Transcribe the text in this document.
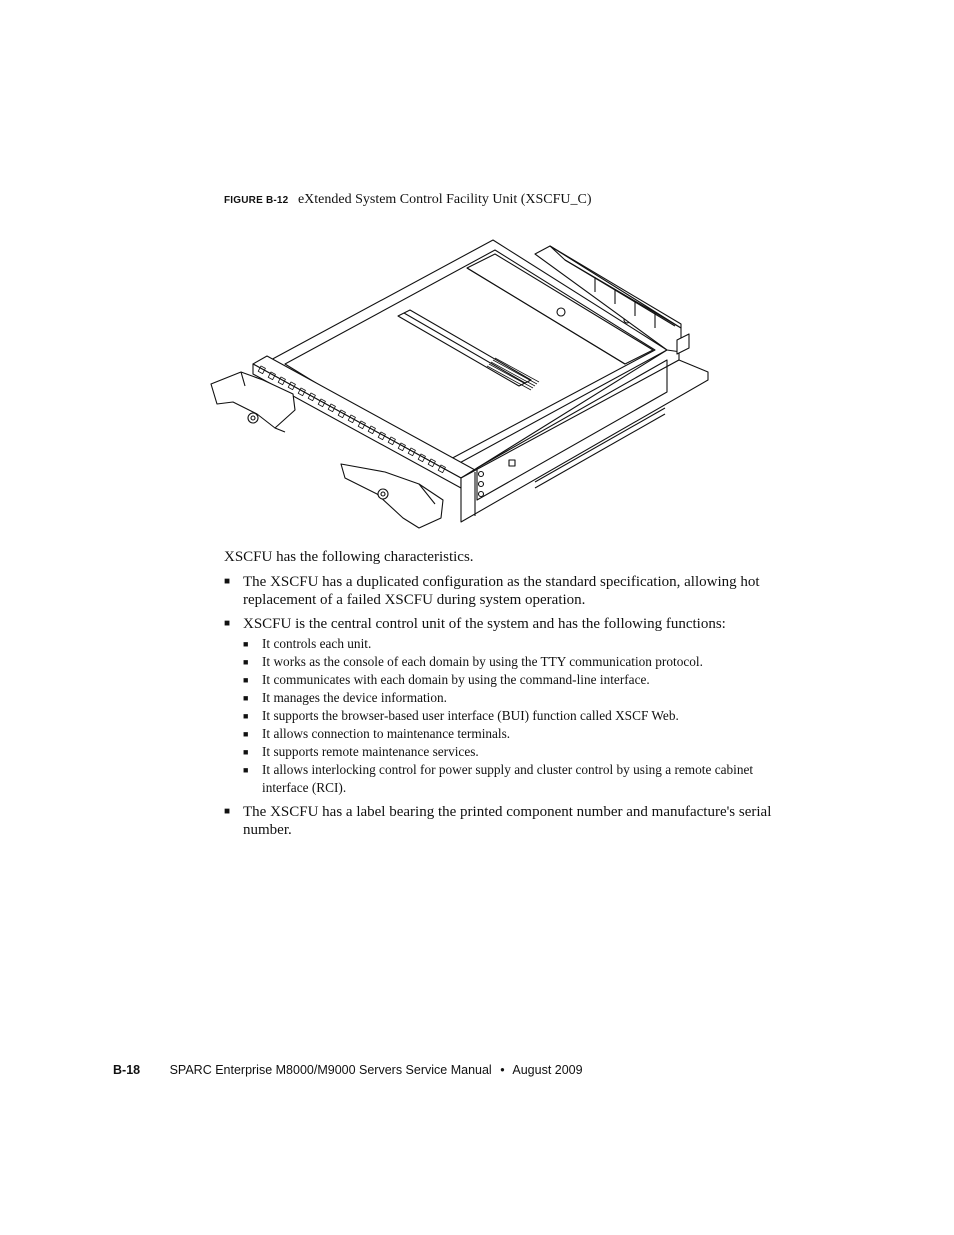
FIGURE B-12 eXtended System Control Facility Unit (XSCFU_C)
XSCFU has the following characteristics.
■ The XSCFU has a duplicated configuration as the standard specification, allowing hot replacement of a failed XSCFU during system operation.
■ XSCFU is the central control unit of the system and has the following functions:
■ It controls each unit.
■ It works as the console of each domain by using the TTY communication protocol.
■ It communicates with each domain by using the command-line interface.
■ It manages the device information.
■ It supports the browser-based user interface (BUI) function called XSCF Web.
■ It allows connection to maintenance terminals.
■ It supports remote maintenance services.
■ It allows interlocking control for power supply and cluster control by using a remote cabinet interface (RCI).
■ The XSCFU has a label bearing the printed component number and manufacture's serial number.
B-18 SPARC Enterprise M8000/M9000 Servers Service Manual • August 2009
